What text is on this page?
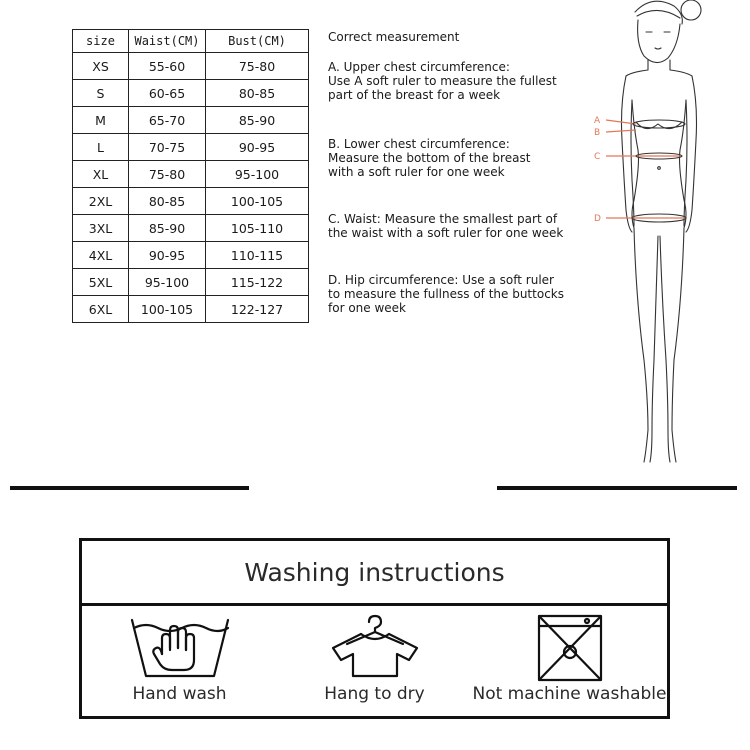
size	Waist(CM)	Bust(CM)
XS	55-60	75-80
S	60-65	80-85
M	65-70	85-90
L	70-75	90-95
XL	75-80	95-100
2XL	80-85	100-105
3XL	85-90	105-110
4XL	90-95	110-115
5XL	95-100	115-122
6XL	100-105	122-127

Correct measurement

A. Upper chest circumference:
Use A soft ruler to measure the fullest
part of the breast for a week

B. Lower chest circumference:
Measure the bottom of the breast
with a soft ruler for one week

C. Waist: Measure the smallest part of
the waist with a soft ruler for one week

D. Hip circumference: Use a soft ruler
to measure the fullness of the buttocks
for one week

A
B
C
D
Washing instructions
Hand wash	Hang to dry	Not machine washable
